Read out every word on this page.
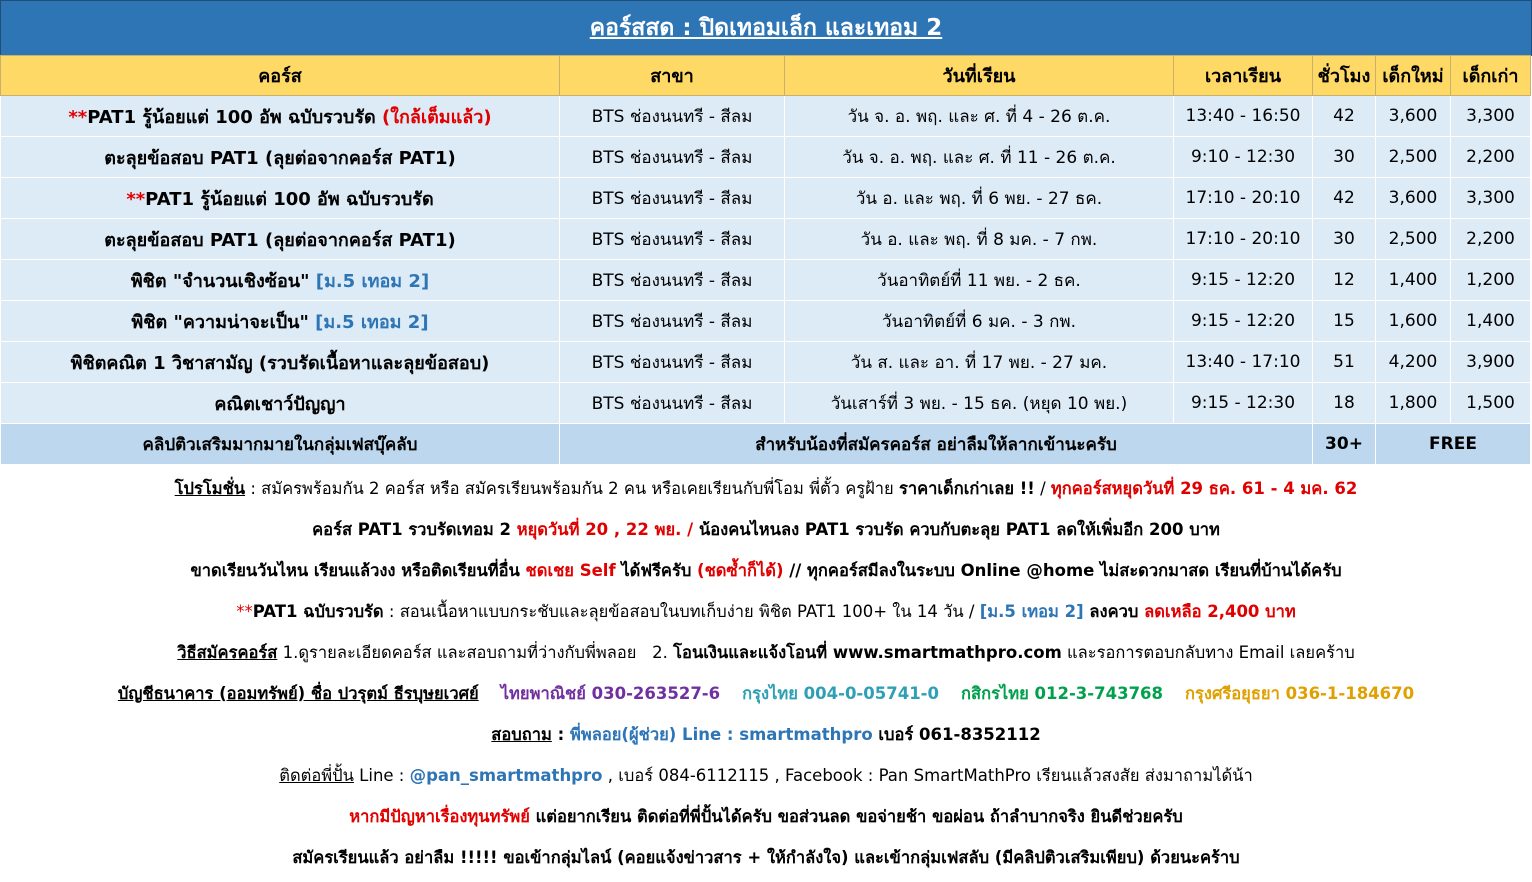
คอร์สสด : ปิดเทอมเล็ก และเทอม 2
คอร์ส	สาขา	วันที่เรียน	เวลาเรียน	ชั่วโมง	เด็กใหม่	เด็กเก่า
**PAT1 รู้น้อยแต่ 100 อัพ ฉบับรวบรัด (ใกล้เต็มแล้ว)	BTS ช่องนนทรี - สีลม	วัน จ. อ. พฤ. และ ศ. ที่ 4 - 26 ต.ค.	13:40 - 16:50	42	3,600	3,300
ตะลุยข้อสอบ PAT1 (ลุยต่อจากคอร์ส PAT1)	BTS ช่องนนทรี - สีลม	วัน จ. อ. พฤ. และ ศ. ที่ 11 - 26 ต.ค.	9:10 - 12:30	30	2,500	2,200
**PAT1 รู้น้อยแต่ 100 อัพ ฉบับรวบรัด	BTS ช่องนนทรี - สีลม	วัน อ. และ พฤ. ที่ 6 พย. - 27 ธค.	17:10 - 20:10	42	3,600	3,300
ตะลุยข้อสอบ PAT1 (ลุยต่อจากคอร์ส PAT1)	BTS ช่องนนทรี - สีลม	วัน อ. และ พฤ. ที่ 8 มค. - 7 กพ.	17:10 - 20:10	30	2,500	2,200
พิชิต "จำนวนเชิงซ้อน" [ม.5 เทอม 2]	BTS ช่องนนทรี - สีลม	วันอาทิตย์ที่ 11 พย. - 2 ธค.	9:15 - 12:20	12	1,400	1,200
พิชิต "ความน่าจะเป็น" [ม.5 เทอม 2]	BTS ช่องนนทรี - สีลม	วันอาทิตย์ที่ 6 มค. - 3 กพ.	9:15 - 12:20	15	1,600	1,400
พิชิตคณิต 1 วิชาสามัญ (รวบรัดเนื้อหาและลุยข้อสอบ)	BTS ช่องนนทรี - สีลม	วัน ส. และ อา. ที่ 17 พย. - 27 มค.	13:40 - 17:10	51	4,200	3,900
คณิตเชาว์ปัญญา	BTS ช่องนนทรี - สีลม	วันเสาร์ที่ 3 พย. - 15 ธค. (หยุด 10 พย.)	9:15 - 12:30	18	1,800	1,500
คลิปติวเสริมมากมายในกลุ่มเฟสบุ๊คลับ	สำหรับน้องที่สมัครคอร์ส อย่าลืมให้ลากเข้านะครับ			30+	FREE	
โปรโมชั่น : สมัครพร้อมกัน 2 คอร์ส หรือ สมัครเรียนพร้อมกัน 2 คน หรือเคยเรียนกับพี่โอม พี่ตั้ว ครูฝ้าย ราคาเด็กเก่าเลย !! / ทุกคอร์สหยุดวันที่ 29 ธค. 61 - 4 มค. 62
คอร์ส PAT1 รวบรัดเทอม 2 หยุดวันที่ 20 , 22 พย. / น้องคนไหนลง PAT1 รวบรัด ควบกับตะลุย PAT1 ลดให้เพิ่มอีก 200 บาท
ขาดเรียนวันไหน เรียนแล้วงง หรือติดเรียนที่อื่น ชดเชย Self ได้ฟรีครับ (ชดซ้ำก็ได้) // ทุกคอร์สมีลงในระบบ Online @home ไม่สะดวกมาสด เรียนที่บ้านได้ครับ
** PAT1 ฉบับรวบรัด : สอนเนื้อหาแบบกระชับและลุยข้อสอบในบทเก็บง่าย พิชิต PAT1 100+ ใน 14 วัน / [ม.5 เทอม 2] ลงควบ ลดเหลือ 2,400 บาท
วิธีสมัครคอร์ส 1.ดูรายละเอียดคอร์ส และสอบถามที่ว่างกับพี่พลอย   2. โอนเงินและแจ้งโอนที่ www.smartmathpro.com และรอการตอบกลับทาง Email เลยคร้าบ
บัญชีธนาคาร (ออมทรัพย์) ชื่อ ปวรุตม์ ธีรบุษยเวศย์ ไทยพาณิชย์ 030-263527-6 กรุงไทย 004-0-05741-0 กสิกรไทย 012-3-743768 กรุงศรีอยุธยา 036-1-184670
สอบถาม : พี่พลอย(ผู้ช่วย) Line : smartmathpro เบอร์ 061-8352112
ติดต่อพี่ปั้น Line : @pan_smartmathpro , เบอร์ 084-6112115 , Facebook : Pan SmartMathPro เรียนแล้วสงสัย ส่งมาถามได้น้า
หากมีปัญหาเรื่องทุนทรัพย์ แต่อยากเรียน ติดต่อที่พี่ปั้นได้ครับ ขอส่วนลด ขอจ่ายช้า ขอผ่อน ถ้าลำบากจริง ยินดีช่วยครับ
สมัครเรียนแล้ว อย่าลืม !!!!! ขอเข้ากลุ่มไลน์ (คอยแจ้งข่าวสาร + ให้กำลังใจ) และเข้ากลุ่มเฟสลับ (มีคลิปติวเสริมเพียบ) ด้วยนะคร้าบ
